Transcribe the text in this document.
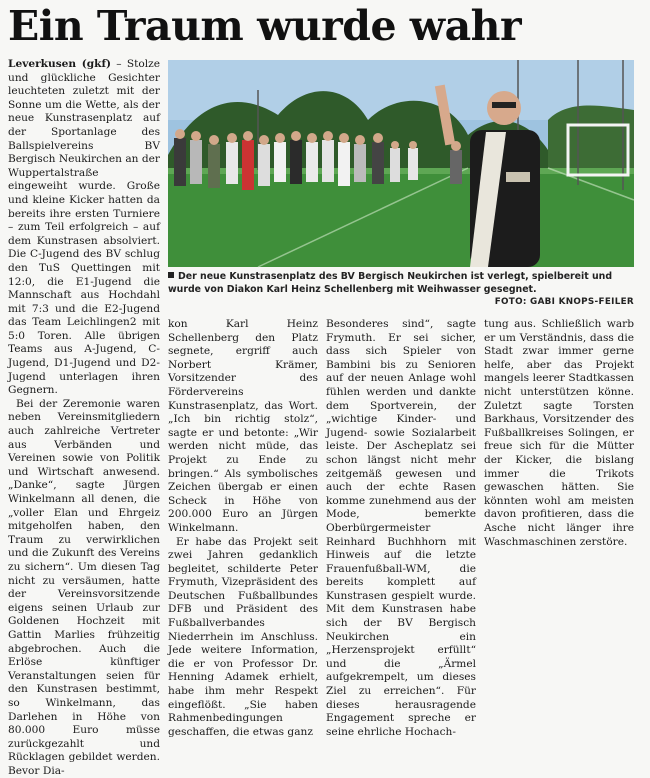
Ein Traum wurde wahr

Leverkusen (gkf) – Stolze und glückliche Gesichter leuchteten zuletzt mit der Sonne um die Wette, als der neue Kunstrasenplatz auf der Sportanlage des Ballspielvereins BV Bergisch Neukirchen an der Wuppertalstraße eingeweiht wurde. Große und kleine Kicker hatten da bereits ihre ersten Turniere – zum Teil erfolgreich – auf dem Kunstrasen absolviert. Die C-Jugend des BV schlug den TuS Quettingen mit 12:0, die E1-Jugend die Mannschaft aus Hochdahl mit 7:3 und die E2-Jugend das Team Leichlingen2 mit 5:0 Toren. Alle übrigen Teams aus A-Jugend, C-Jugend, D1-Jugend und D2-Jugend unterlagen ihren Gegnern.

Bei der Zeremonie waren neben Vereinsmitgliedern auch zahlreiche Vertreter aus Verbänden und Vereinen sowie von Politik und Wirtschaft anwesend. „Danke“, sagte Jürgen Winkelmann all denen, die „voller Elan und Ehrgeiz mitgeholfen haben, den Traum zu verwirklichen und die Zukunft des Vereins zu sichern“. Um diesen Tag nicht zu versäumen, hatte der Vereinsvorsitzende eigens seinen Urlaub zur Goldenen Hochzeit mit Gattin Marlies frühzeitig abgebrochen. Auch die Erlöse künftiger Veranstaltungen seien für den Kunstrasen bestimmt, so Winkelmann, das Darlehen in Höhe von 80.000 Euro müsse zurückgezahlt und Rücklagen gebildet werden. Bevor Dia-

Der neue Kunstrasenplatz des BV Bergisch Neukirchen ist verlegt, spielbereit und wurde von Diakon Karl Heinz Schellenberg mit Weihwasser gesegnet.
FOTO: GABI KNOPS-FEILER

kon Karl Heinz Schellenberg den Platz segnete, ergriff auch Norbert Krämer, Vorsitzender des Fördervereins Kunstrasenplatz, das Wort. „Ich bin richtig stolz“, sagte er und betonte: „Wir werden nicht müde, das Projekt zu Ende zu bringen.“ Als symbolisches Zeichen übergab er einen Scheck in Höhe von 200.000 Euro an Jürgen Winkelmann.

Er habe das Projekt seit zwei Jahren gedanklich begleitet, schilderte Peter Frymuth, Vizepräsident des Deutschen Fußballbundes DFB und Präsident des Fußballverbandes Niederrhein im Anschluss. Jede weitere Information, die er von Professor Dr. Henning Adamek erhielt, habe ihm mehr Respekt eingeflößt. „Sie haben Rahmenbedingungen geschaffen, die etwas ganz

Besonderes sind“, sagte Frymuth. Er sei sicher, dass sich Spieler von Bambini bis zu Senioren auf der neuen Anlage wohl fühlen werden und dankte dem Sportverein, der „wichtige Kinder- und Jugend- sowie Sozialarbeit leiste. Der Ascheplatz sei schon längst nicht mehr zeitgemäß gewesen und auch der echte Rasen komme zunehmend aus der Mode, bemerkte Oberbürgermeister Reinhard Buchhhorn mit Hinweis auf die letzte Frauenfußball-WM, die bereits komplett auf Kunstrasen gespielt wurde. Mit dem Kunstrasen habe sich der BV Bergisch Neukirchen ein „Herzensprojekt erfüllt“ und die „Ärmel aufgekrempelt, um dieses Ziel zu erreichen“. Für dieses herausragende Engagement spreche er seine ehrliche Hochach-

tung aus. Schließlich warb er um Verständnis, dass die Stadt zwar immer gerne helfe, aber das Projekt mangels leerer Stadtkassen nicht unterstützen könne. Zuletzt sagte Torsten Barkhaus, Vorsitzender des Fußballkreises Solingen, er freue sich für die Mütter der Kicker, die bislang immer die Trikots gewaschen hätten. Sie könnten wohl am meisten davon profitieren, dass die Asche nicht länger ihre Waschmaschinen zerstöre.
